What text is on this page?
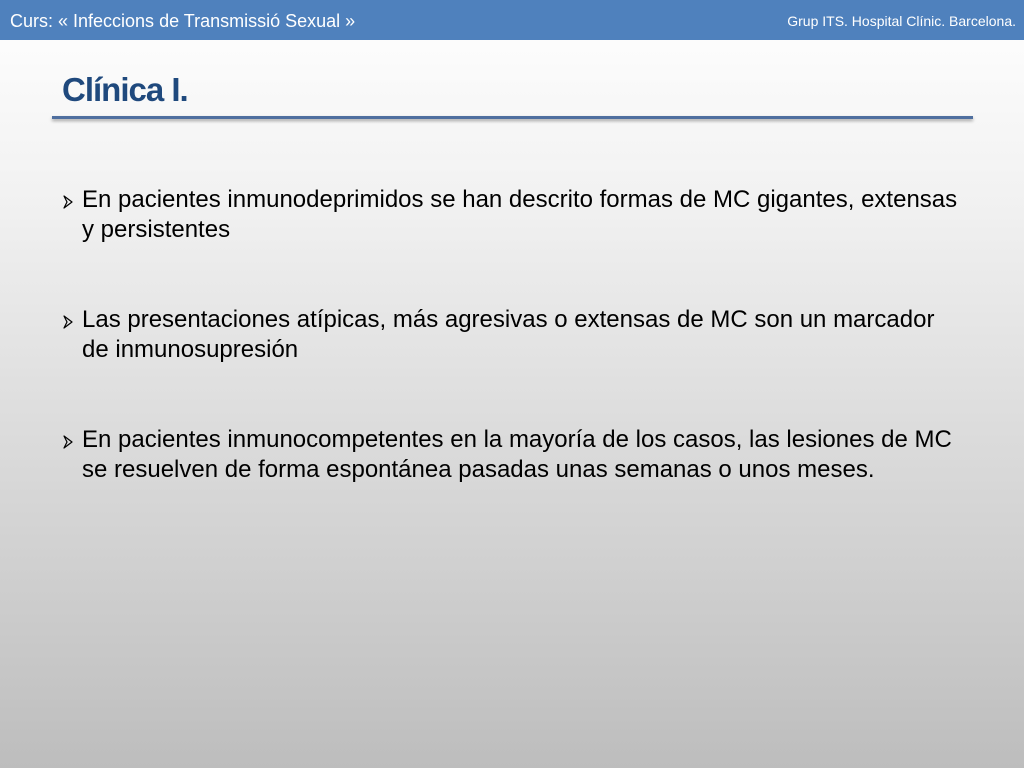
Curs: « Infeccions de Transmissió Sexual »	Grup ITS. Hospital Clínic. Barcelona.
Clínica I.
En pacientes inmunodeprimidos se han descrito formas de MC gigantes, extensas y persistentes
Las presentaciones atípicas, más agresivas o extensas de MC son un marcador de inmunosupresión
En pacientes inmunocompetentes en la mayoría de los casos, las lesiones de MC se resuelven de forma espontánea pasadas unas semanas o unos meses.
